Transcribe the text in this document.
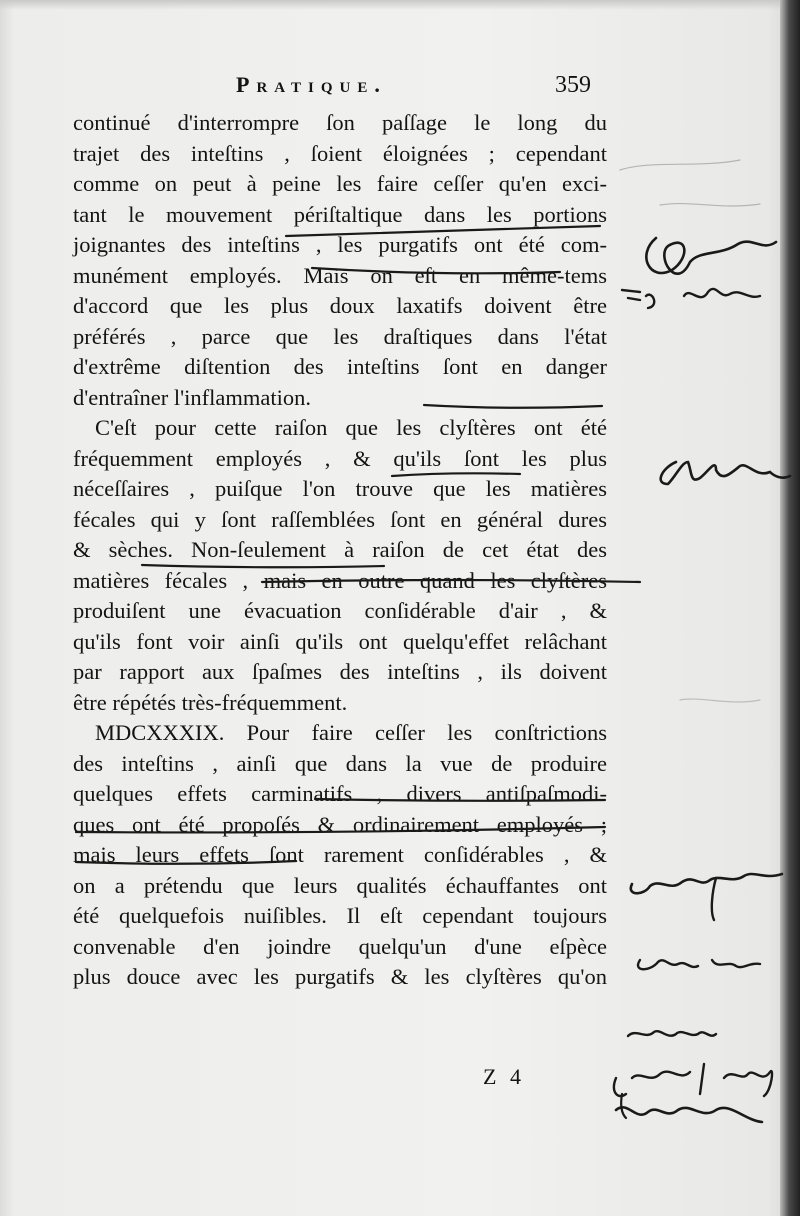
Pratique.	359
continué d'interrompre ſon paſſage le long du
trajet des inteſtins , ſoient éloignées ; cependant
comme on peut à peine les faire ceſſer qu'en exci-
tant le mouvement périſtaltique dans les portions
joignantes des inteſtins , les purgatifs ont été com-
munément employés. Mais on eſt en même-tems
d'accord que les plus doux laxatifs doivent être
préférés , parce que les draſtiques dans l'état
d'extrême diſtention des inteſtins ſont en danger
d'entraîner l'inflammation.
C'eſt pour cette raiſon que les clyſtères ont été
fréquemment employés , & qu'ils ſont les plus
néceſſaires , puiſque l'on trouve que les matières
fécales qui y ſont raſſemblées ſont en général dures
& sèches. Non-ſeulement à raiſon de cet état des
matières fécales , mais en outre quand les clyſtères
produiſent une évacuation conſidérable d'air , &
qu'ils font voir ainſi qu'ils ont quelqu'effet relâchant
par rapport aux ſpaſmes des inteſtins , ils doivent
être répétés très-fréquemment.
MDCXXXIX. Pour faire ceſſer les conſtrictions
des inteſtins , ainſi que dans la vue de produire
quelques effets carminatifs , divers antiſpaſmodi-
ques ont été propoſés & ordinairement employés ;
mais leurs effets ſont rarement conſidérables , &
on a prétendu que leurs qualités échauffantes ont
été quelquefois nuiſibles. Il eſt cependant toujours
convenable d'en joindre quelqu'un d'une eſpèce
plus douce avec les purgatifs & les clyſtères qu'on
Z 4
